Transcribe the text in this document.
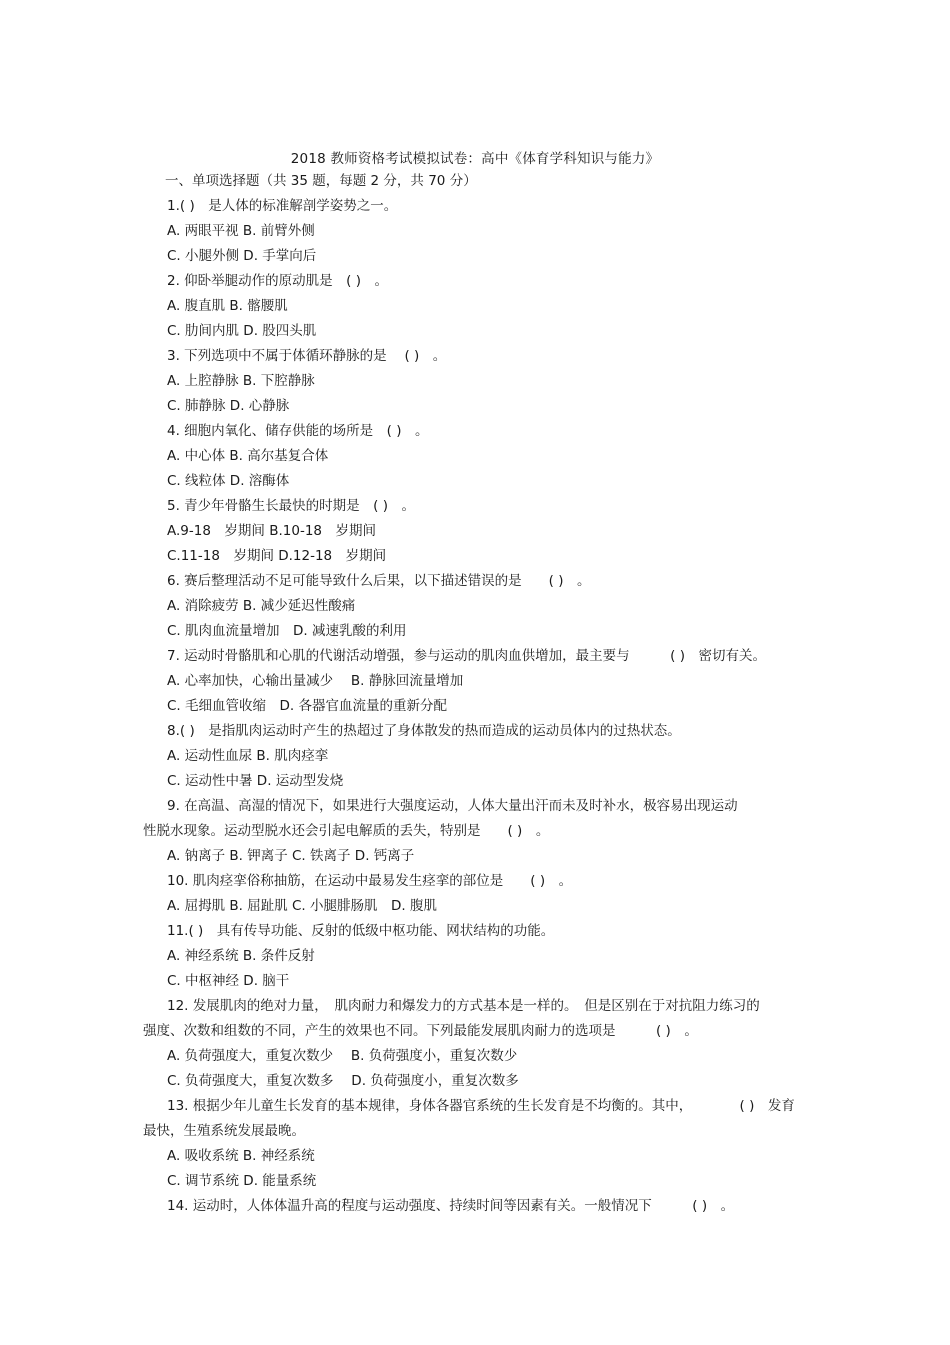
2018 教师资格考试模拟试卷：高中《体育学科知识与能力》
一、单项选择题（共 35 题，每题 2 分，共 70 分）
1.( )　是人体的标准解剖学姿势之一。
A. 两眼平视 B. 前臂外侧
C. 小腿外侧 D. 手掌向后
2. 仰卧举腿动作的原动肌是　( )　。
A. 腹直肌 B. 髂腰肌
C. 肋间内肌 D. 股四头肌
3. 下列选项中不属于体循环静脉的是　 ( )　。
A. 上腔静脉 B. 下腔静脉
C. 肺静脉 D. 心静脉
4. 细胞内氧化、储存供能的场所是　( )　。
A. 中心体 B. 高尔基复合体
C. 线粒体 D. 溶酶体
5. 青少年骨骼生长最快的时期是　( )　。
A.9-18　岁期间 B.10-18　岁期间
C.11-18　岁期间 D.12-18　岁期间
6. 赛后整理活动不足可能导致什么后果，以下描述错误的是　　( )　。
A. 消除疲劳 B. 减少延迟性酸痛
C. 肌肉血流量增加　D. 减速乳酸的利用
7. 运动时骨骼肌和心肌的代谢活动增强，参与运动的肌肉血供增加，最主要与　　　( )　密切有关。
A. 心率加快，心输出量减少　 B. 静脉回流量增加
C. 毛细血管收缩　D. 各器官血流量的重新分配
8.( )　是指肌肉运动时产生的热超过了身体散发的热而造成的运动员体内的过热状态。
A. 运动性血尿 B. 肌肉痉挛
C. 运动性中暑 D. 运动型发烧
9. 在高温、高湿的情况下，如果进行大强度运动，人体大量出汗而未及时补水，极容易出现运动
性脱水现象。运动型脱水还会引起电解质的丢失，特别是　　( )　。
A. 钠离子 B. 钾离子 C. 铁离子 D. 钙离子
10. 肌肉痉挛俗称抽筋，在运动中最易发生痉挛的部位是　　( )　。
A. 屈拇肌 B. 屈趾肌 C. 小腿腓肠肌　D. 腹肌
11.( )　具有传导功能、反射的低级中枢功能、网状结构的功能。
A. 神经系统 B. 条件反射
C. 中枢神经 D. 脑干
12. 发展肌肉的绝对力量，　肌肉耐力和爆发力的方式基本是一样的。　但是区别在于对抗阻力练习的
强度、次数和组数的不同，产生的效果也不同。下列最能发展肌肉耐力的选项是　　　( )　。
A. 负荷强度大，重复次数少　 B. 负荷强度小，重复次数少
C. 负荷强度大，重复次数多　 D. 负荷强度小，重复次数多
13. 根据少年儿童生长发育的基本规律，身体各器官系统的生长发育是不均衡的。其中，　　　　( )　发育
最快，生殖系统发展最晚。
A. 吸收系统 B. 神经系统
C. 调节系统 D. 能量系统
14. 运动时，人体体温升高的程度与运动强度、持续时间等因素有关。一般情况下　　　( )　。
